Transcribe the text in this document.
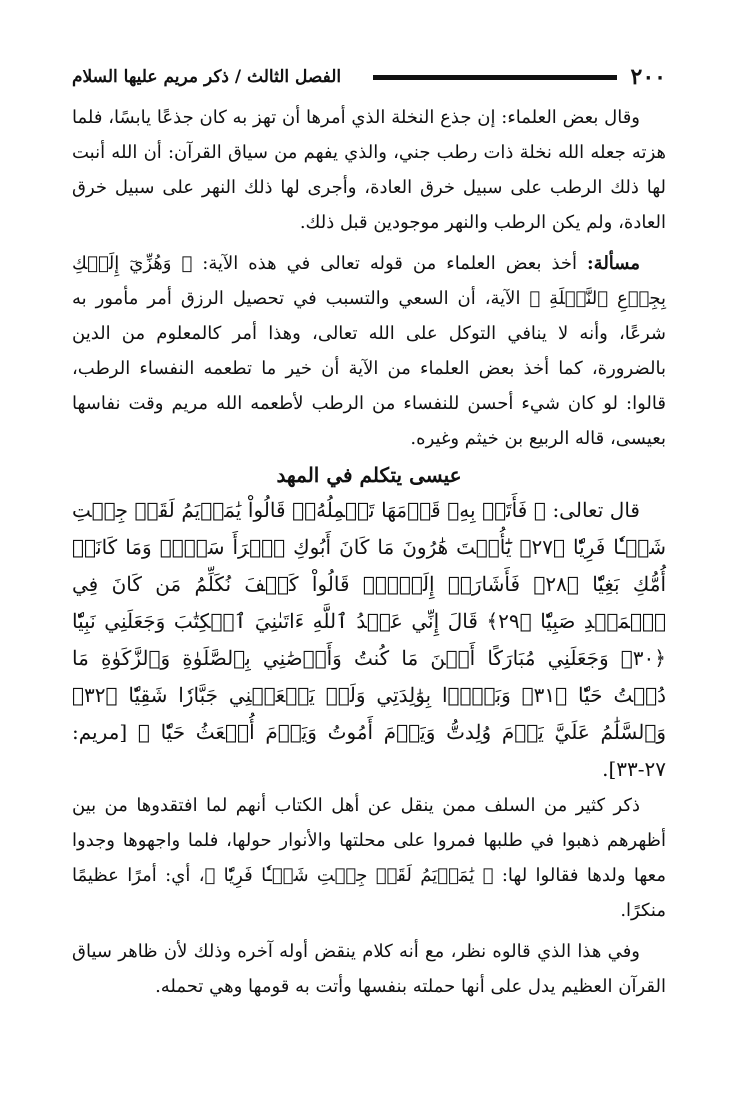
٢٠٠
الفصل الثالث / ذكر مريم عليها السلام

وقال بعض العلماء: إن جذع النخلة الذي أمرها أن تهز به كان جذعًا يابسًا، فلما هزته جعله الله نخلة ذات رطب جني، والذي يفهم من سياق القرآن: أن الله أنبت لها ذلك الرطب على سبيل خرق العادة، وأجرى لها ذلك النهر على سبيل خرق العادة، ولم يكن الرطب والنهر موجودين قبل ذلك.

مسألة: أخذ بعض العلماء من قوله تعالى في هذه الآية: ﴿ وَهُزِّيٓ إِلَيۡكِ بِجِذۡعِ ٱلنَّخۡلَةِ ﴾ الآية، أن السعي والتسبب في تحصيل الرزق أمر مأمور به شرعًا، وأنه لا ينافي التوكل على الله تعالى، وهذا أمر كالمعلوم من الدين بالضرورة، كما أخذ بعض العلماء من الآية أن خير ما تطعمه النفساء الرطب، قالوا: لو كان شيء أحسن للنفساء من الرطب لأطعمه الله مريم وقت نفاسها بعيسى، قاله الربيع بن خيثم وغيره.

عيسى يتكلم في المهد

قال تعالى: ﴿ فَأَتَتۡ بِهِۦ قَوۡمَهَا تَحۡمِلُهُۥۖ قَالُواْ يَٰمَرۡيَمُ لَقَدۡ جِئۡتِ شَيۡـٔٗا فَرِيّٗا ﴿٢٧﴾ يَٰٓأُخۡتَ هَٰرُونَ مَا كَانَ أَبُوكِ ٱمۡرَأَ سَوۡءٖ وَمَا كَانَتۡ أُمُّكِ بَغِيّٗا ﴿٢٨﴾ فَأَشَارَتۡ إِلَيۡهِۖ قَالُواْ كَيۡفَ نُكَلِّمُ مَن كَانَ فِي ٱلۡمَهۡدِ صَبِيّٗا ﴿٢٩﴾ قَالَ إِنِّي عَبۡدُ ٱللَّهِ ءَاتَىٰنِيَ ٱلۡكِتَٰبَ وَجَعَلَنِي نَبِيّٗا ﴿٣٠﴾ وَجَعَلَنِي مُبَارَكًا أَيۡنَ مَا كُنتُ وَأَوۡصَٰنِي بِٱلصَّلَوٰةِ وَٱلزَّكَوٰةِ مَا دُمۡتُ حَيّٗا ﴿٣١﴾ وَبَرَّۢا بِوَٰلِدَتِي وَلَمۡ يَجۡعَلۡنِي جَبَّارٗا شَقِيّٗا ﴿٣٢﴾ وَٱلسَّلَٰمُ عَلَيَّ يَوۡمَ وُلِدتُّ وَيَوۡمَ أَمُوتُ وَيَوۡمَ أُبۡعَثُ حَيّٗا ﴾ [مريم: ٢٧-٣٣].

ذكر كثير من السلف ممن ينقل عن أهل الكتاب أنهم لما افتقدوها من بين أظهرهم ذهبوا في طلبها فمروا على محلتها والأنوار حولها، فلما واجهوها وجدوا معها ولدها فقالوا لها: ﴿ يَٰمَرۡيَمُ لَقَدۡ جِئۡتِ شَيۡـٔٗا فَرِيّٗا ﴾، أي: أمرًا عظيمًا منكرًا.

وفي هذا الذي قالوه نظر، مع أنه كلام ينقض أوله آخره وذلك لأن ظاهر سياق القرآن العظيم يدل على أنها حملته بنفسها وأتت به قومها وهي تحمله.
